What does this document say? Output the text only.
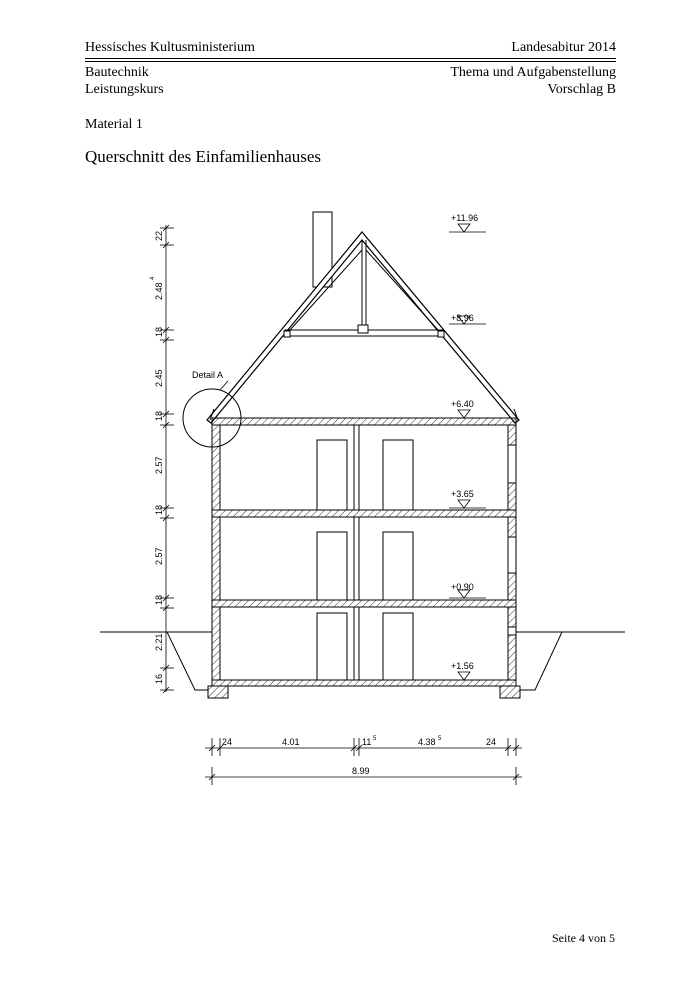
Hessisches Kultusministerium	Landesabitur 2014
Bautechnik	Thema und Aufgabenstellung
Leistungskurs	Vorschlag B
Material 1
Querschnitt des Einfamilienhauses
Detail A
+11.96
+8.96
+6.40
+3.65
+0.90
+1.56
22
2.48
4
18
2.45
18
2.57
18
2.57
18
2.21
16
24	4.01	11 5	4.38 5	24
8.99
Seite 4 von 5
